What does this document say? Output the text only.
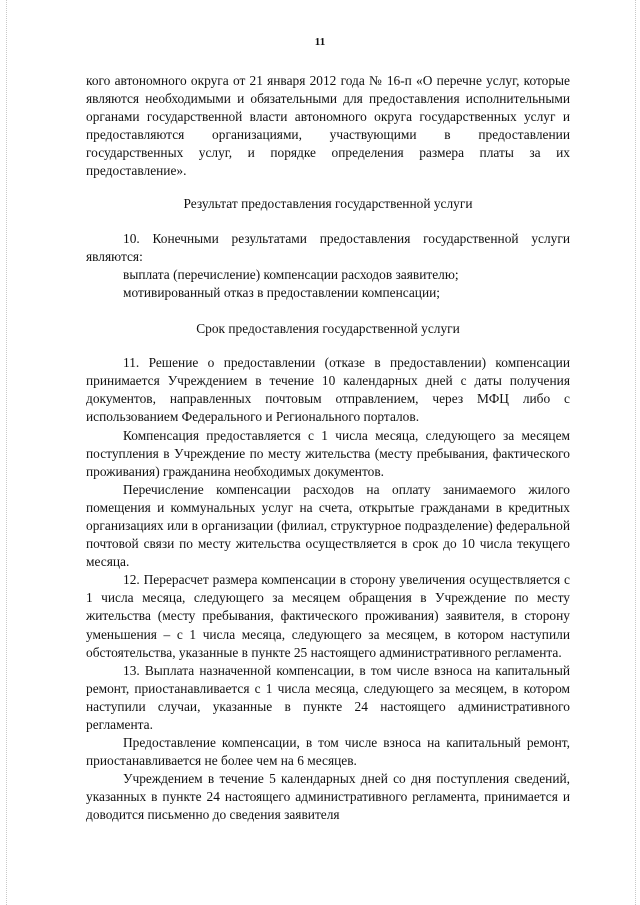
11

кого автономного округа от 21 января 2012 года № 16-п «О перечне услуг, которые являются необходимыми и обязательными для предоставления исполнительными органами государственной власти автономного округа государственных услуг и предоставляются организациями, участвующими в предоставлении государственных услуг, и порядке определения размера платы за их предоставление».

Результат предоставления государственной услуги

10. Конечными результатами предоставления государственной услуги являются:

выплата (перечисление) компенсации расходов заявителю;

мотивированный отказ в предоставлении компенсации;

Срок предоставления государственной услуги

11. Решение о предоставлении (отказе в предоставлении) компенсации принимается Учреждением в течение 10 календарных дней с даты получения документов, направленных почтовым отправлением, через МФЦ либо с использованием Федерального и Регионального порталов.

Компенсация предоставляется с 1 числа месяца, следующего за месяцем поступления в Учреждение по месту жительства (месту пребывания, фактического проживания) гражданина необходимых документов.

Перечисление компенсации расходов на оплату занимаемого жилого помещения и коммунальных услуг на счета, открытые гражданами в кредитных организациях или в организации (филиал, структурное подразделение) федеральной почтовой связи по месту жительства осуществляется в срок до 10 числа текущего месяца.

12. Перерасчет размера компенсации в сторону увеличения осуществляется с 1 числа месяца, следующего за месяцем обращения в Учреждение по месту жительства (месту пребывания, фактического проживания) заявителя, в сторону уменьшения – с 1 числа месяца, следующего за месяцем, в котором наступили обстоятельства, указанные в пункте 25 настоящего административного регламента.

13. Выплата назначенной компенсации, в том числе взноса на капитальный ремонт, приостанавливается с 1 числа месяца, следующего за месяцем, в котором наступили случаи, указанные в пункте 24 настоящего административного регламента.

Предоставление компенсации, в том числе взноса на капитальный ремонт, приостанавливается не более чем на 6 месяцев.

Учреждением в течение 5 календарных дней со дня поступления сведений, указанных в пункте 24 настоящего административного регламента, принимается и доводится письменно до сведения заявителя
